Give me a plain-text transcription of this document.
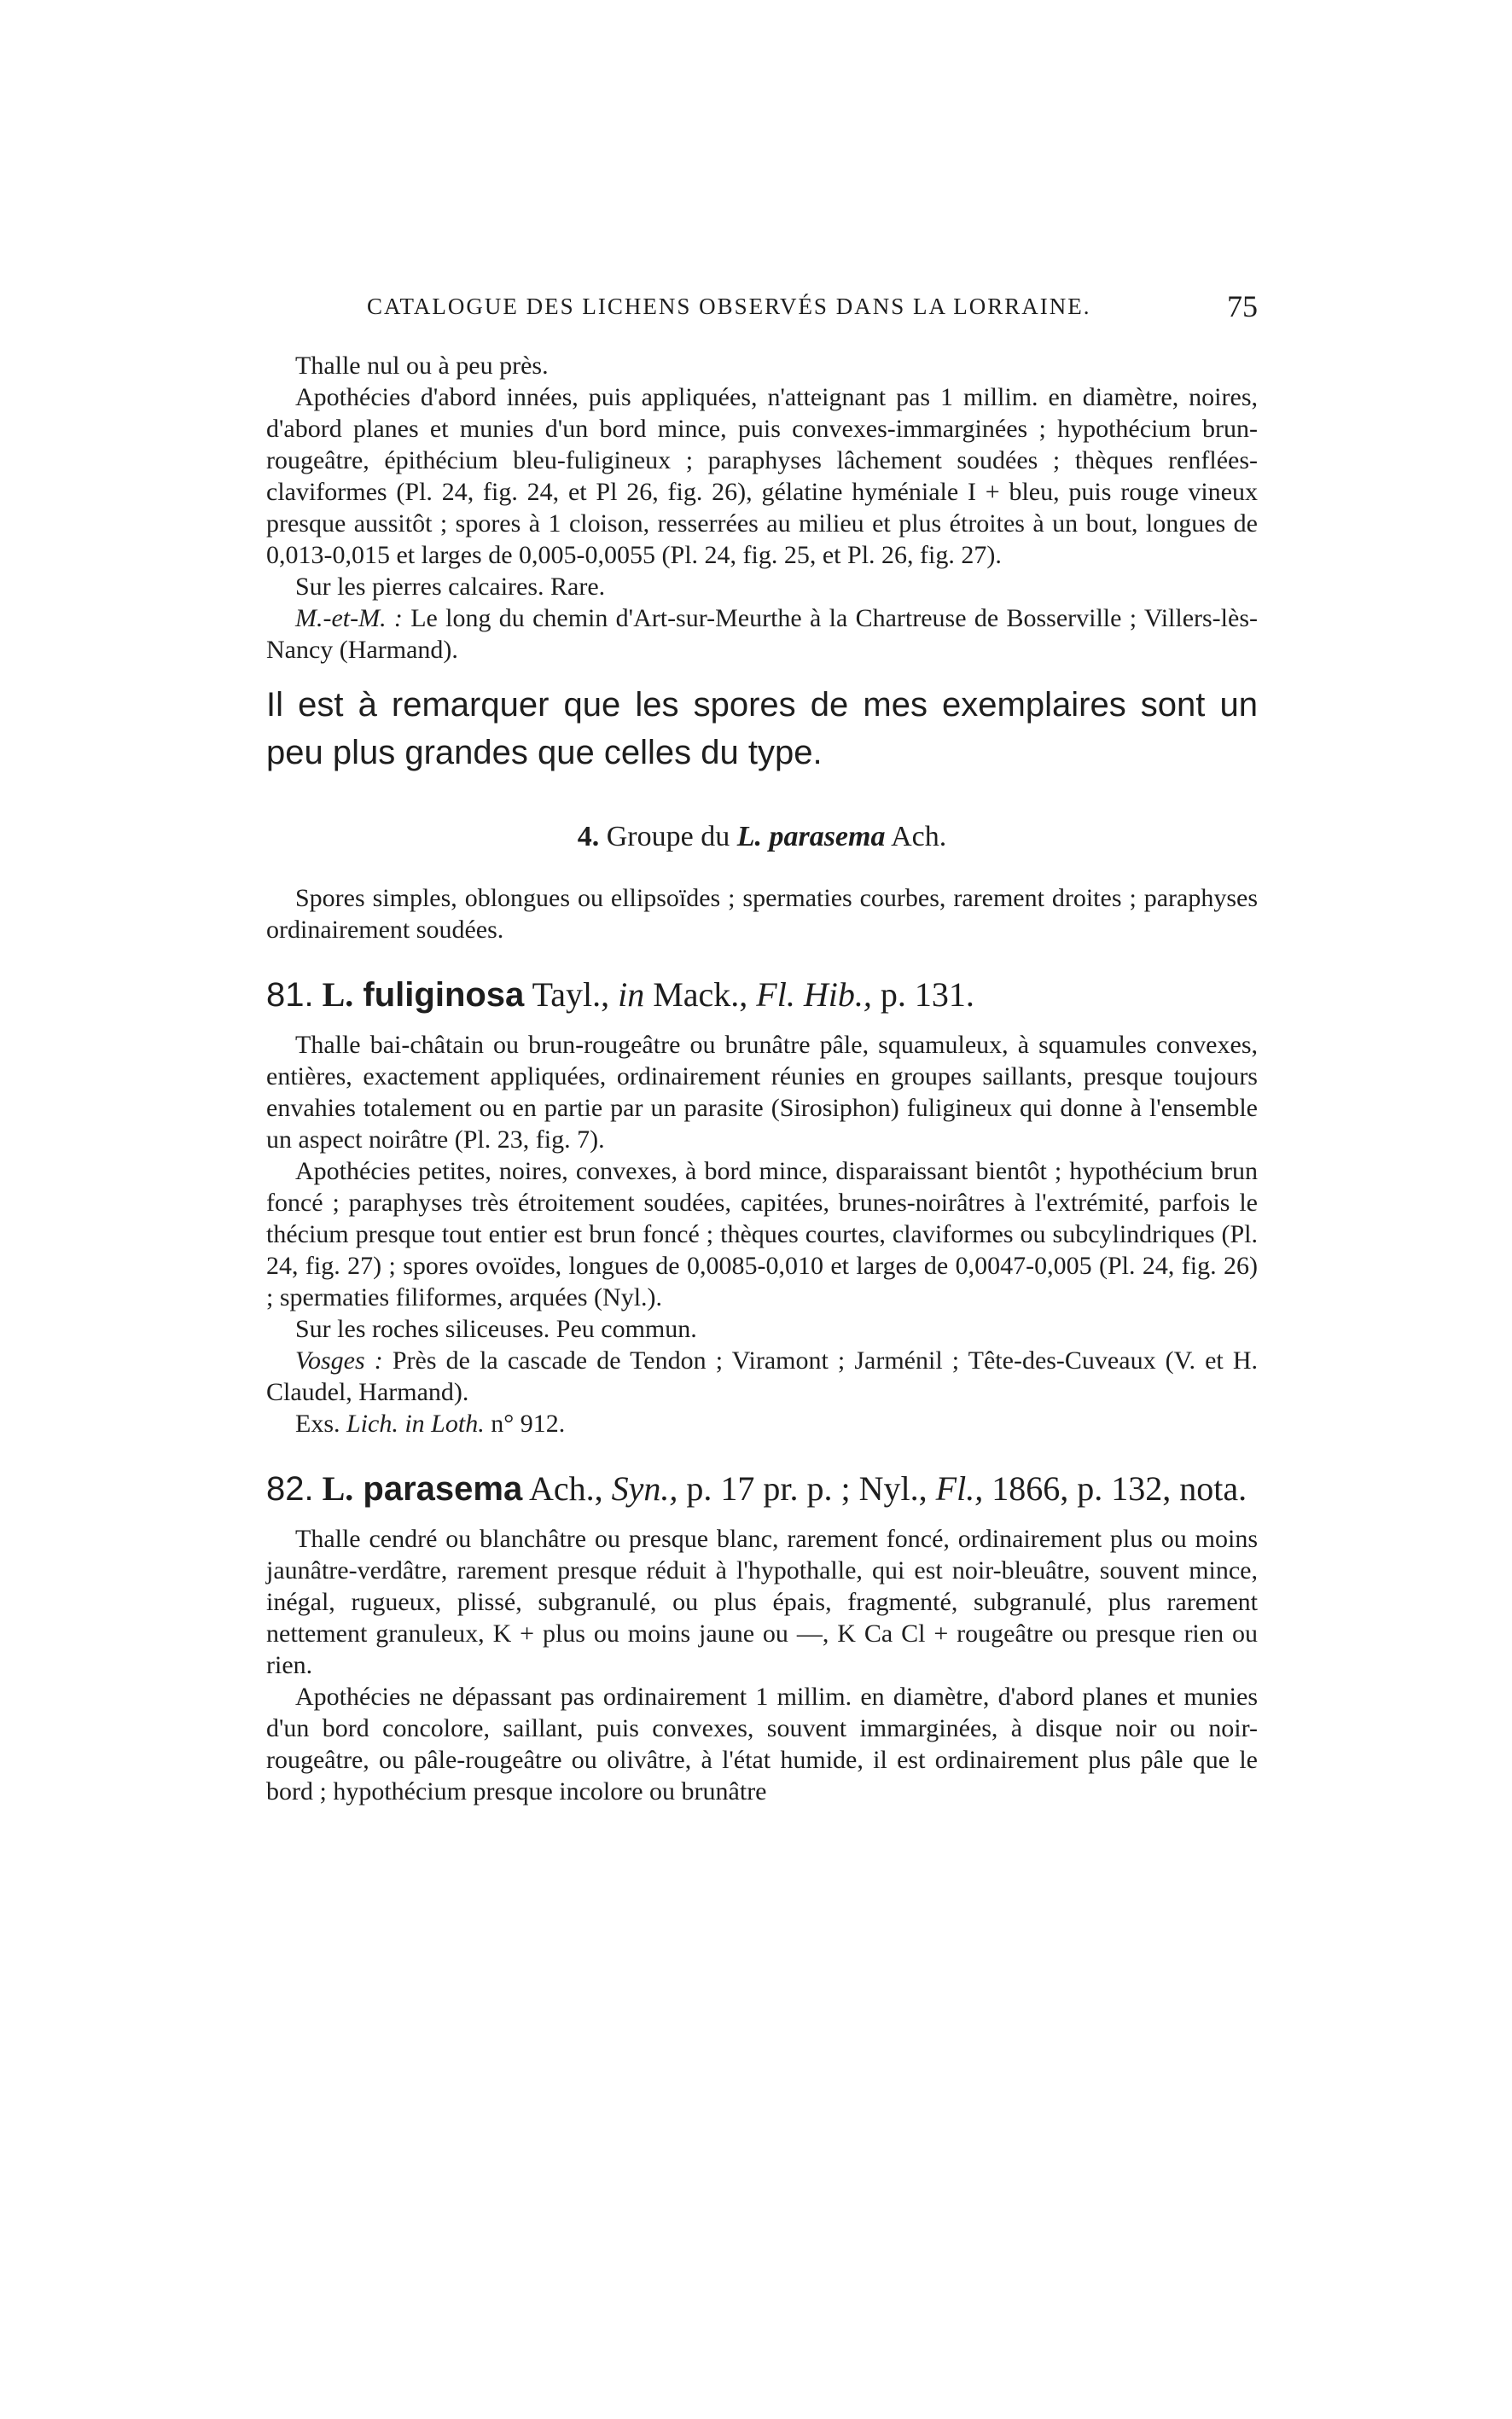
CATALOGUE DES LICHENS OBSERVÉS DANS LA LORRAINE.	75

Thalle nul ou à peu près.

Apothécies d'abord innées, puis appliquées, n'atteignant pas 1 millim. en diamètre, noires, d'abord planes et munies d'un bord mince, puis convexes-immarginées ; hypothécium brun-rougeâtre, épithécium bleu-fuligineux ; paraphyses lâchement soudées ; thèques renflées-claviformes (Pl. 24, fig. 24, et Pl 26, fig. 26), gélatine hyméniale I + bleu, puis rouge vineux presque aussitôt ; spores à 1 cloison, resserrées au milieu et plus étroites à un bout, longues de 0,013-0,015 et larges de 0,005-0,0055 (Pl. 24, fig. 25, et Pl. 26, fig. 27).

Sur les pierres calcaires. Rare.

M.-et-M. : Le long du chemin d'Art-sur-Meurthe à la Chartreuse de Bosserville ; Villers-lès-Nancy (Harmand).

Il est à remarquer que les spores de mes exemplaires sont un peu plus grandes que celles du type.

4. Groupe du L. parasema Ach.

Spores simples, oblongues ou ellipsoïdes ; spermaties courbes, rarement droites ; paraphyses ordinairement soudées.

81. L. fuliginosa Tayl., in Mack., Fl. Hib., p. 131.

Thalle bai-châtain ou brun-rougeâtre ou brunâtre pâle, squamuleux, à squamules convexes, entières, exactement appliquées, ordinairement réunies en groupes saillants, presque toujours envahies totalement ou en partie par un parasite (Sirosiphon) fuligineux qui donne à l'ensemble un aspect noirâtre (Pl. 23, fig. 7).

Apothécies petites, noires, convexes, à bord mince, disparaissant bientôt ; hypothécium brun foncé ; paraphyses très étroitement soudées, capitées, brunes-noirâtres à l'extrémité, parfois le thécium presque tout entier est brun foncé ; thèques courtes, claviformes ou subcylindriques (Pl. 24, fig. 27) ; spores ovoïdes, longues de 0,0085-0,010 et larges de 0,0047-0,005 (Pl. 24, fig. 26) ; spermaties filiformes, arquées (Nyl.).

Sur les roches siliceuses. Peu commun.

Vosges : Près de la cascade de Tendon ; Viramont ; Jarménil ; Tête-des-Cuveaux (V. et H. Claudel, Harmand).

Exs. Lich. in Loth. n° 912.

82. L. parasema Ach., Syn., p. 17 pr. p. ; Nyl., Fl., 1866, p. 132, nota.

Thalle cendré ou blanchâtre ou presque blanc, rarement foncé, ordinairement plus ou moins jaunâtre-verdâtre, rarement presque réduit à l'hypothalle, qui est noir-bleuâtre, souvent mince, inégal, rugueux, plissé, subgranulé, ou plus épais, fragmenté, subgranulé, plus rarement nettement granuleux, K + plus ou moins jaune ou —, K Ca Cl + rougeâtre ou presque rien ou rien.

Apothécies ne dépassant pas ordinairement 1 millim. en diamètre, d'abord planes et munies d'un bord concolore, saillant, puis convexes, souvent immarginées, à disque noir ou noir-rougeâtre, ou pâle-rougeâtre ou olivâtre, à l'état humide, il est ordinairement plus pâle que le bord ; hypothécium presque incolore ou brunâtre
